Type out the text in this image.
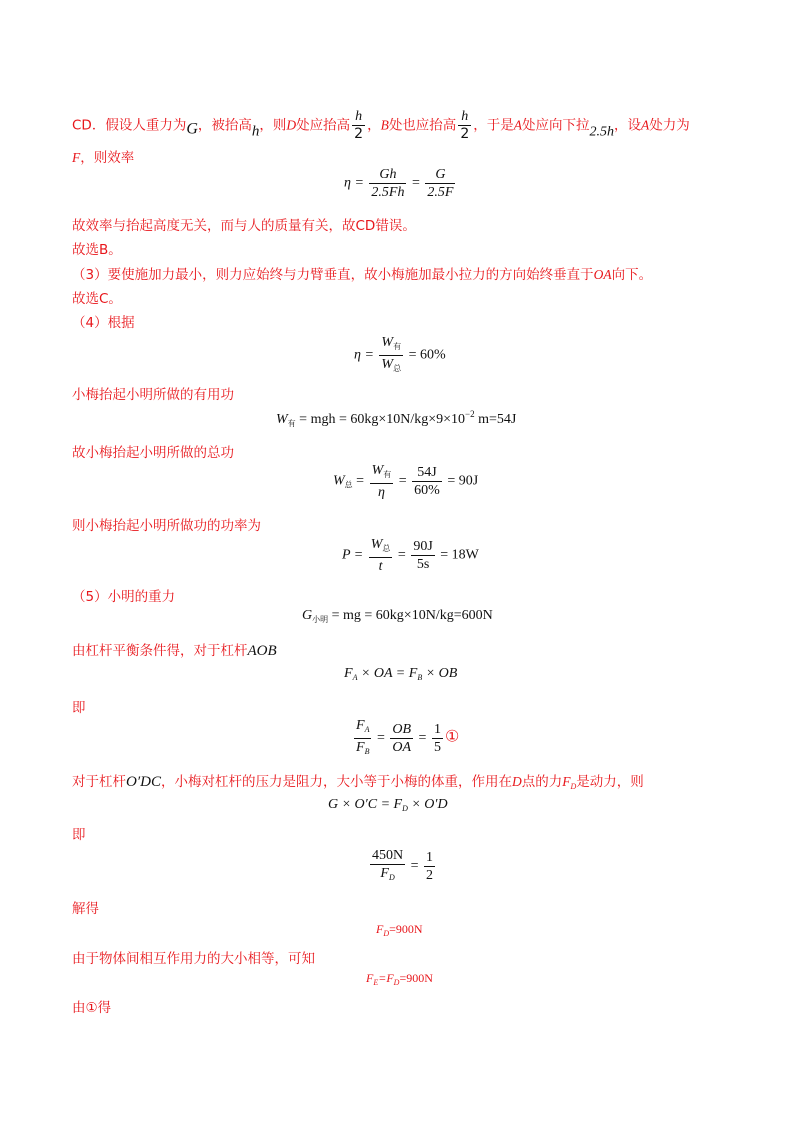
CD．假设人重力为G，被抬高h，则D处应抬高 $\frac{h}{2}$ ，B处也应抬高 $\frac{h}{2}$ ，于是A处应向下拉2.5h，设A处力为
F，则效率
$\eta = \frac{Gh}{2.5Fh} = \frac{G}{2.5F}$
故效率与抬起高度无关，而与人的质量有关，故CD错误。
故选B。
（3）要使施加力最小，则力应始终与力臂垂直，故小梅施加最小拉力的方向始终垂直于OA向下。
故选C。
（4）根据
$\eta = \frac{W_有}{W_总} = 60\%$
小梅抬起小明所做的有用功
$W_有$ = mgh = $60kg\times 10N/kg\times 9\times 10^{-2}$ m=54J
故小梅抬起小明所做的总功
$W_总 = \frac{W_有}{\eta} = \frac{54J}{60\%} = 90J$
则小梅抬起小明所做功的功率为
$P = \frac{W_总}{t} = \frac{90J}{5s} = 18W$
（5）小明的重力
$G_{小明}$ = mg = 60kg×10N/kg=600N
由杠杆平衡条件得，对于杠杆AOB
$F_A$ × OA = $F_B$ × OB
即
$\frac{F_A}{F_B} = \frac{OB}{OA} = \frac{1}{5}$ ①
对于杠杆O′DC，小梅对杠杆的压力是阻力，大小等于小梅的体重，作用在D点的力$F_D$是动力，则
$G \times O'C = F_D \times O'D$
即
$\frac{450N}{F_D} = \frac{1}{2}$
解得
$F_D=900N$
由于物体间相互作用力的大小相等，可知
$F_E=F_D=900N$
由①得
